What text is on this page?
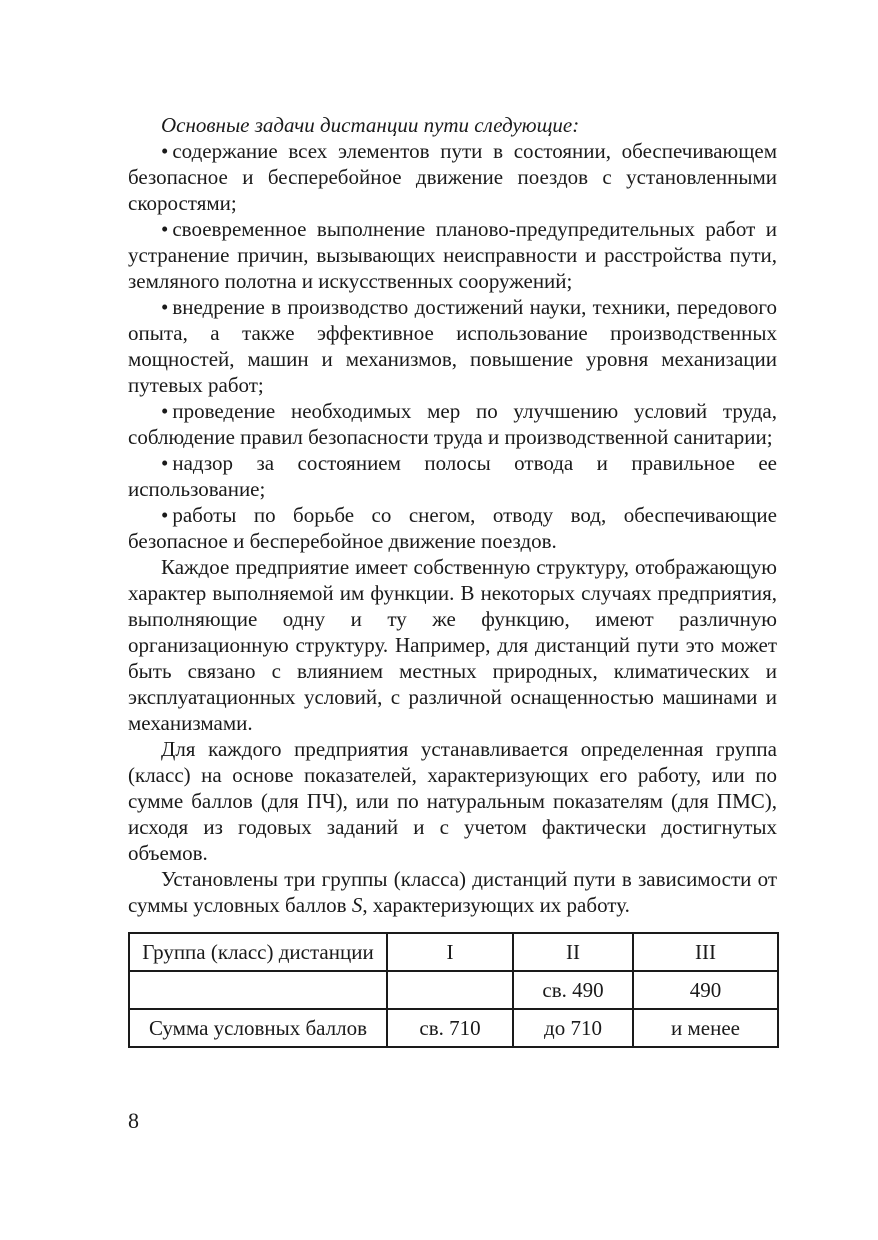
Основные задачи дистанции пути следующие:

• содержание всех элементов пути в состоянии, обеспечивающем безопасное и бесперебойное движение поездов с установленными скоростями;

• своевременное выполнение планово-предупредительных работ и устранение причин, вызывающих неисправности и расстройства пути, земляного полотна и искусственных сооружений;

• внедрение в производство достижений науки, техники, передового опыта, а также эффективное использование производственных мощностей, машин и механизмов, повышение уровня механизации путевых работ;

• проведение необходимых мер по улучшению условий труда, соблюдение правил безопасности труда и производственной санитарии;

• надзор за состоянием полосы отвода и правильное ее использование;

• работы по борьбе со снегом, отводу вод, обеспечивающие безопасное и бесперебойное движение поездов.

Каждое предприятие имеет собственную структуру, отображающую характер выполняемой им функции. В некоторых случаях предприятия, выполняющие одну и ту же функцию, имеют различную организационную структуру. Например, для дистанций пути это может быть связано с влиянием местных природных, климатических и эксплуатационных условий, с различной оснащенностью машинами и механизмами.

Для каждого предприятия устанавливается определенная группа (класс) на основе показателей, характеризующих его работу, или по сумме баллов (для ПЧ), или по натуральным показателям (для ПМС), исходя из годовых заданий и с учетом фактически достигнутых объемов.

Установлены три группы (класса) дистанций пути в зависимости от суммы условных баллов S, характеризующих их работу.

Группа (класс) дистанции	I	II	III
		св. 490	490
Сумма условных баллов	св. 710	до 710	и менее
8
